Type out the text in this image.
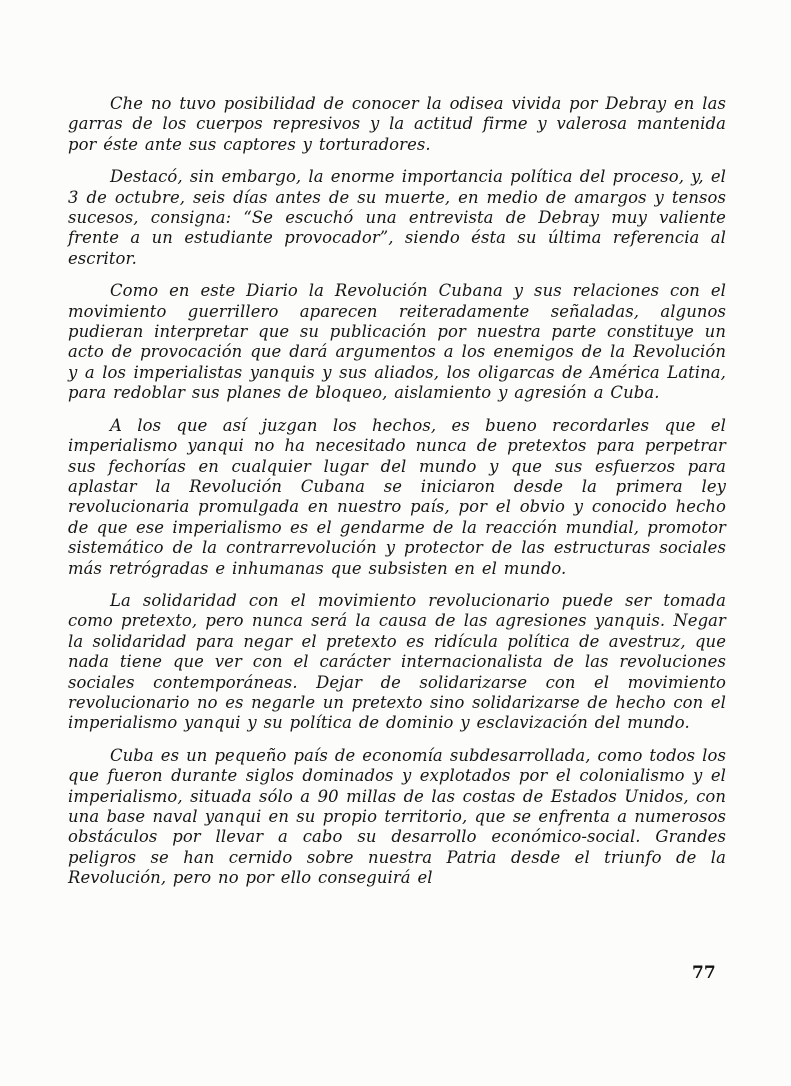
Che no tuvo posibilidad de conocer la odisea vivida por Debray en las garras de los cuerpos represivos y la actitud firme y valerosa mantenida por éste ante sus captores y torturadores.

Destacó, sin embargo, la enorme importancia política del proceso, y, el 3 de octubre, seis días antes de su muerte, en medio de amargos y tensos sucesos, consigna: “Se escuchó una entrevista de Debray muy valiente frente a un estudiante provocador”, siendo ésta su última referencia al escritor.

Como en este Diario la Revolución Cubana y sus relaciones con el movimiento guerrillero aparecen reiteradamente señaladas, algunos pudieran interpretar que su publicación por nuestra parte constituye un acto de provocación que dará argumentos a los enemigos de la Revolución y a los imperialistas yanquis y sus aliados, los oligarcas de América Latina, para redoblar sus planes de bloqueo, aislamiento y agresión a Cuba.

A los que así juzgan los hechos, es bueno recordarles que el imperialismo yanqui no ha necesitado nunca de pretextos para perpetrar sus fechorías en cualquier lugar del mundo y que sus esfuerzos para aplastar la Revolución Cubana se iniciaron desde la primera ley revolucionaria promulgada en nuestro país, por el obvio y conocido hecho de que ese imperialismo es el gendarme de la reacción mundial, promotor sistemático de la contrarrevolución y protector de las estructuras sociales más retrógradas e inhumanas que subsisten en el mundo.

La solidaridad con el movimiento revolucionario puede ser tomada como pretexto, pero nunca será la causa de las agresiones yanquis. Negar la solidaridad para negar el pretexto es ridícula política de avestruz, que nada tiene que ver con el carácter internacionalista de las revoluciones sociales contemporáneas. Dejar de solidarizarse con el movimiento revolucionario no es negarle un pretexto sino solidarizarse de hecho con el imperialismo yanqui y su política de dominio y esclavización del mundo.

Cuba es un pequeño país de economía subdesarrollada, como todos los que fueron durante siglos dominados y explotados por el colonialismo y el imperialismo, situada sólo a 90 millas de las costas de Estados Unidos, con una base naval yanqui en su propio territorio, que se enfrenta a numerosos obstáculos por llevar a cabo su desarrollo económico-social. Grandes peligros se han cernido sobre nuestra Patria desde el triunfo de la Revolución, pero no por ello conseguirá el

77
